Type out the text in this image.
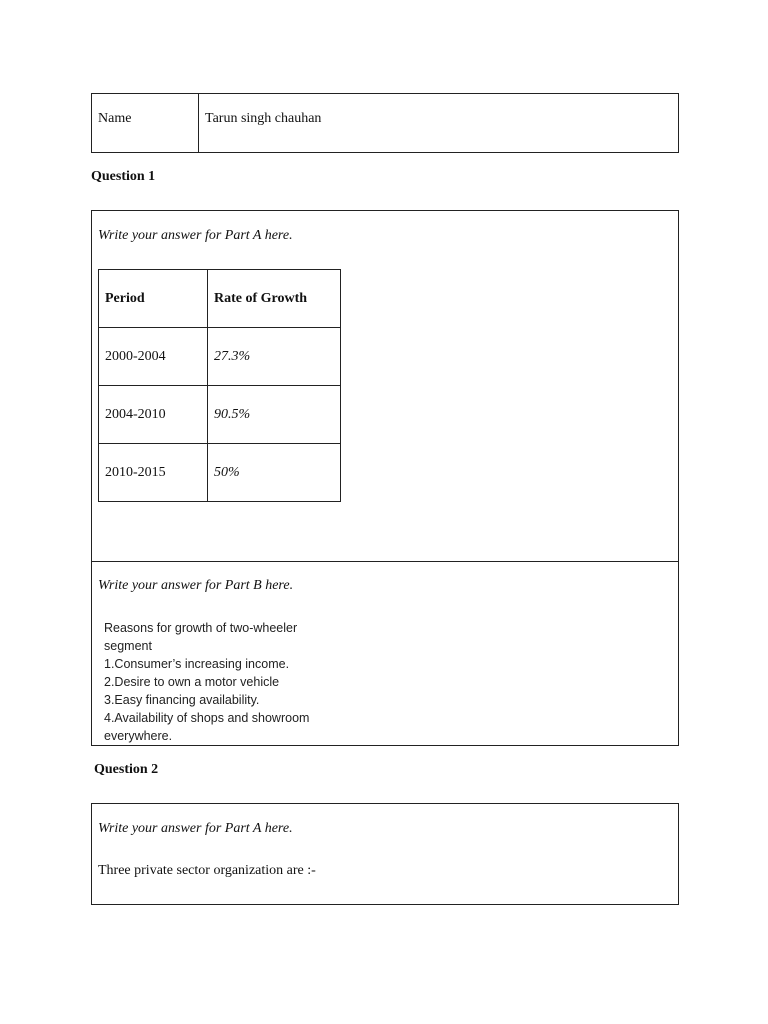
Name	Tarun singh chauhan
Question 1
Write your answer for Part A here.
Period	Rate of Growth
2000-2004	27.3%
2004-2010	90.5%
2010-2015	50%
Write your answer for Part B here.
Reasons for growth of two-wheeler
segment
1.Consumer’s increasing income.
2.Desire to own a motor vehicle
3.Easy financing availability.
4.Availability of shops and showroom
everywhere.
Question 2
Write your answer for Part A here.
Three private sector organization are :-
